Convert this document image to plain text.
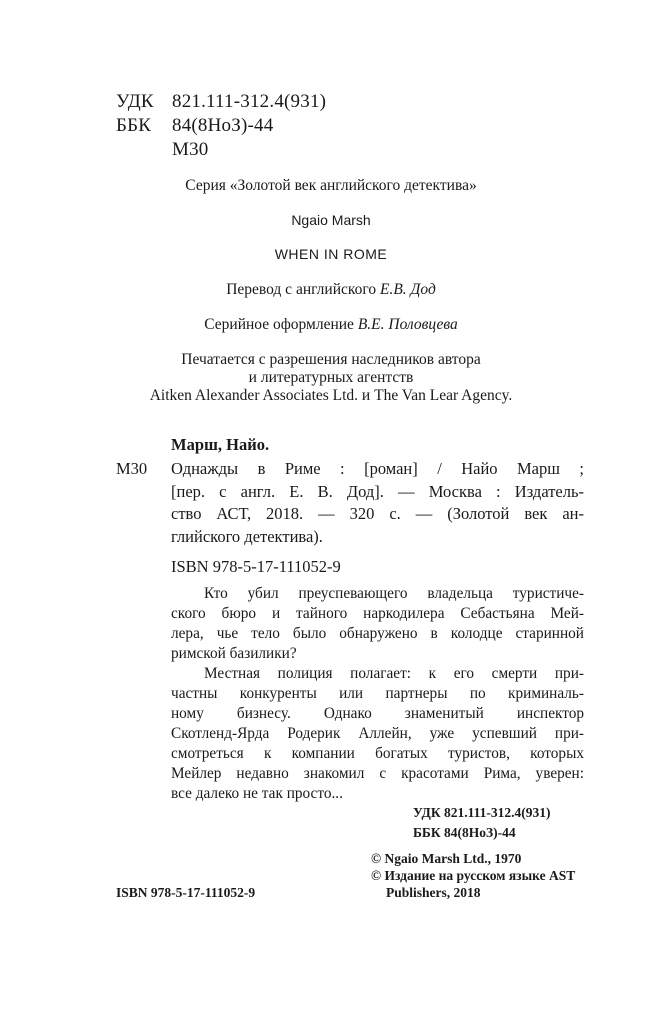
УДК 821.111-312.4(931)
ББК 84(8НоЗ)-44
М30
Серия «Золотой век английского детектива»
Ngaio Marsh
WHEN IN ROME
Перевод с английского Е.В. Дод
Серийное оформление В.Е. Половцева
Печатается с разрешения наследников автора
и литературных агентств
Aitken Alexander Associates Ltd. и The Van Lear Agency.
Марш, Найо.
М30 Однажды в Риме : [роман] / Найо Марш ;
[пер. с англ. Е. В. Дод]. — Москва : Издатель-
ство АСТ, 2018. — 320 с. — (Золотой век ан-
глийского детектива).
ISBN 978-5-17-111052-9
Кто убил преуспевающего владельца туристиче-
ского бюро и тайного наркодилера Себастьяна Мей-
лера, чье тело было обнаружено в колодце старинной
римской базилики?
Местная полиция полагает: к его смерти при-
частны конкуренты или партнеры по криминаль-
ному бизнесу. Однако знаменитый инспектор
Скотленд-Ярда Родерик Аллейн, уже успевший при-
смотреться к компании богатых туристов, которых
Мейлер недавно знакомил с красотами Рима, уверен:
все далеко не так просто...
УДК 821.111-312.4(931)
ББК 84(8НоЗ)-44
© Ngaio Marsh Ltd., 1970
© Издание на русском языке AST
Publishers, 2018
ISBN 978-5-17-111052-9
